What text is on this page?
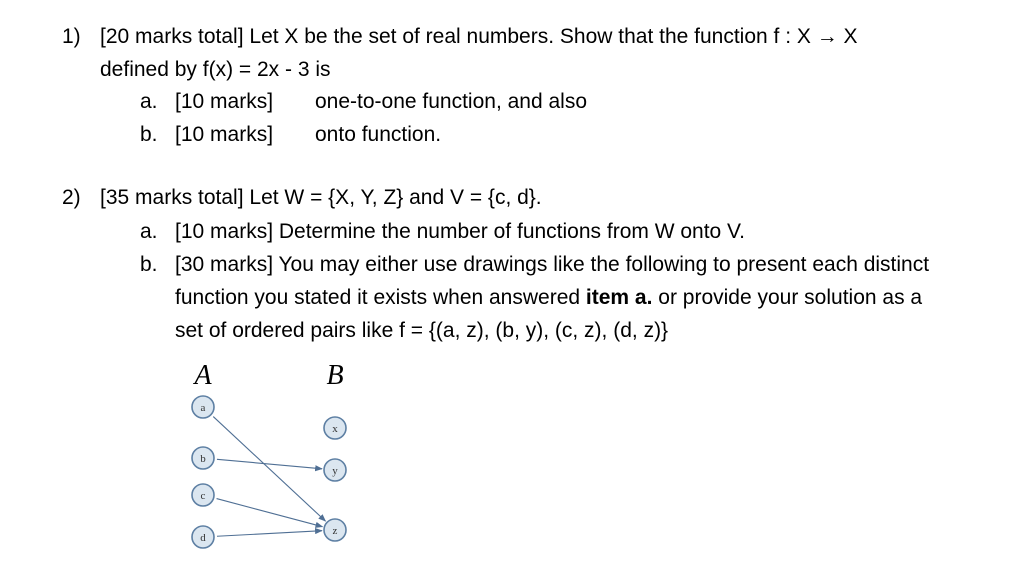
1) [20 marks total] Let X be the set of real numbers. Show that the function f : X → X
defined by f(x) = 2x - 3 is
a. [10 marks] one-to-one function, and also
b. [10 marks] onto function.
2) [35 marks total] Let W = {X, Y, Z} and V = {c, d}.
a. [10 marks] Determine the number of functions from W onto V.
b. [30 marks] You may either use drawings like the following to present each distinct
function you stated it exists when answered item a. or provide your solution as a
set of ordered pairs like f = {(a, z), (b, y), (c, z), (d, z)}
A	B
a
b
c
d
x
y
z
